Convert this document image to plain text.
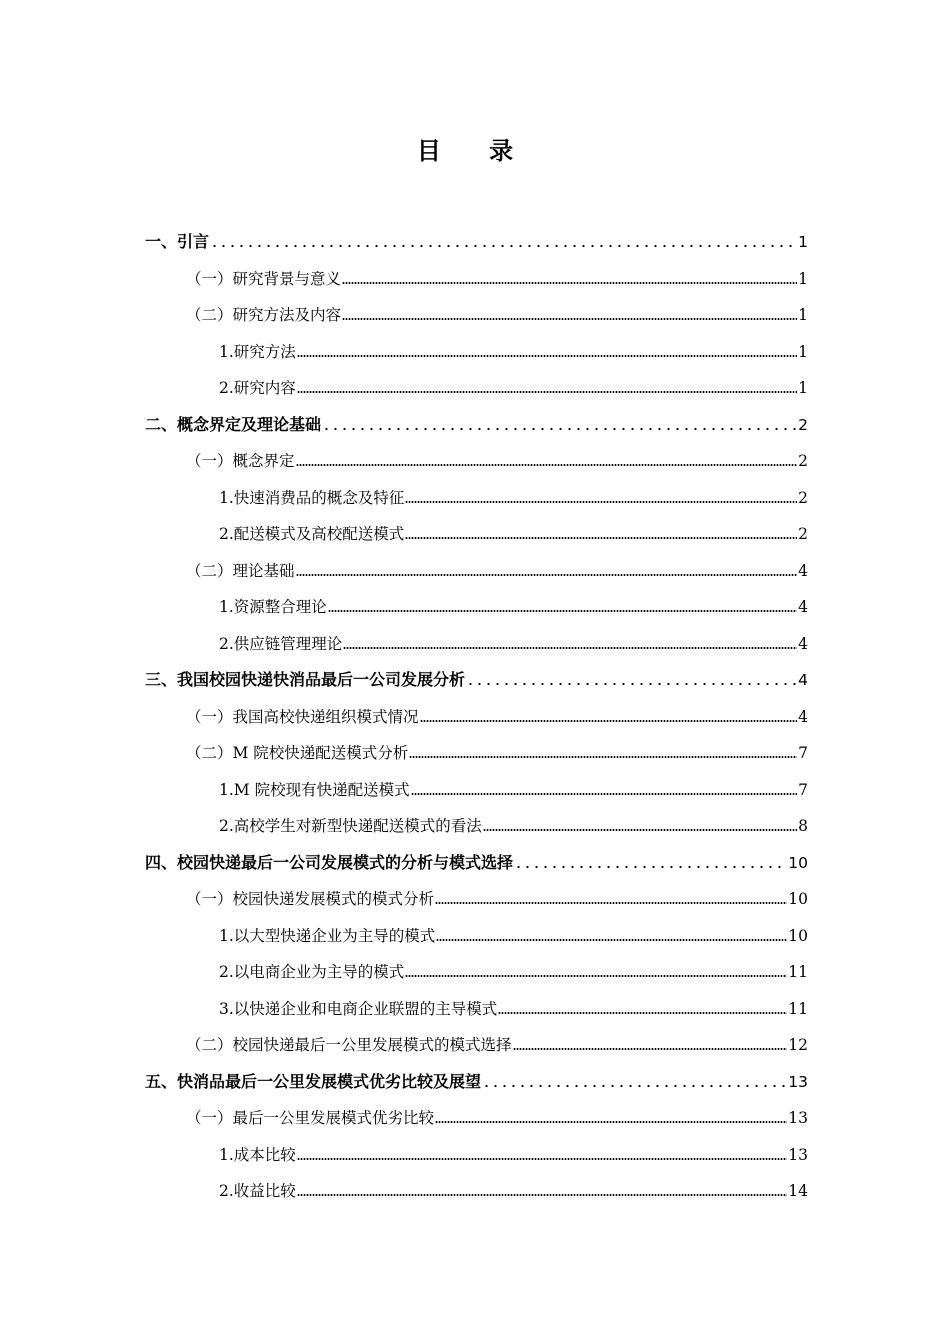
目 录
一、引言	1
（一）研究背景与意义	1
（二）研究方法及内容	1
1.研究方法	1
2.研究内容	1
二、概念界定及理论基础	2
（一）概念界定	2
1.快速消费品的概念及特征	2
2.配送模式及高校配送模式	2
（二）理论基础	4
1.资源整合理论	4
2.供应链管理理论	4
三、我国校园快递快消品最后一公司发展分析	4
（一）我国高校快递组织模式情况	4
（二）M 院校快递配送模式分析	7
1.M 院校现有快递配送模式	7
2.高校学生对新型快递配送模式的看法	8
四、校园快递最后一公司发展模式的分析与模式选择	10
（一）校园快递发展模式的模式分析	10
1.以大型快递企业为主导的模式	10
2.以电商企业为主导的模式	11
3.以快递企业和电商企业联盟的主导模式	11
（二）校园快递最后一公里发展模式的模式选择	12
五、快消品最后一公里发展模式优劣比较及展望	13
（一）最后一公里发展模式优劣比较	13
1.成本比较	13
2.收益比较	14
